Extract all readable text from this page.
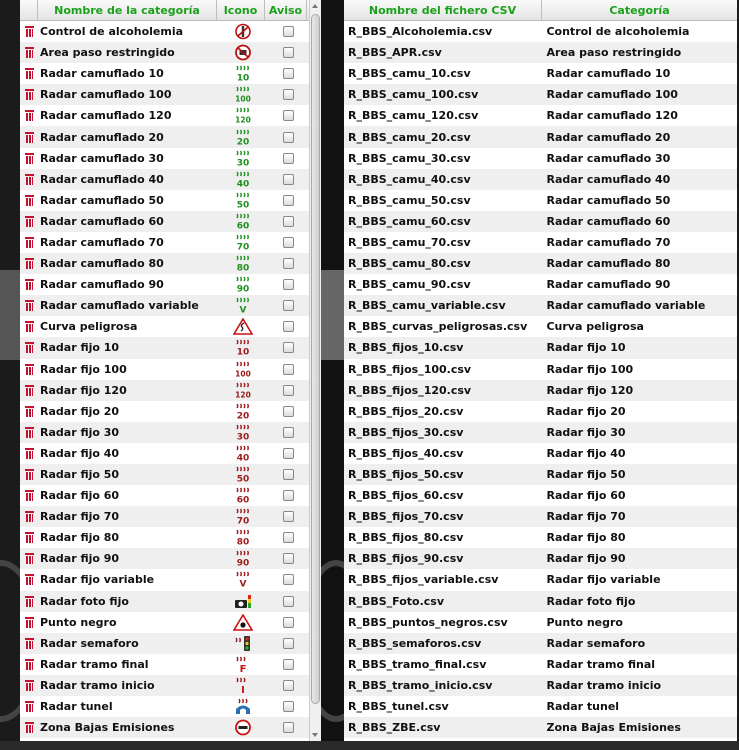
Nombre de la categoría	Icono	Aviso
Control de alcoholemia
Area paso restringido
Radar camuflado 10	10
Radar camuflado 100	100
Radar camuflado 120	120
Radar camuflado 20	20
Radar camuflado 30	30
Radar camuflado 40	40
Radar camuflado 50	50
Radar camuflado 60	60
Radar camuflado 70	70
Radar camuflado 80	80
Radar camuflado 90	90
Radar camuflado variable	V
Curva peligrosa
Radar fijo 10	10
Radar fijo 100	100
Radar fijo 120	120
Radar fijo 20	20
Radar fijo 30	30
Radar fijo 40	40
Radar fijo 50	50
Radar fijo 60	60
Radar fijo 70	70
Radar fijo 80	80
Radar fijo 90	90
Radar fijo variable	V
Radar foto fijo
Punto negro
Radar semaforo
Radar tramo final	F
Radar tramo inicio	I
Radar tunel
Zona Bajas Emisiones
Nombre del fichero CSV	Categoría
R_BBS_Alcoholemia.csv	Control de alcoholemia
R_BBS_APR.csv	Area paso restringido
R_BBS_camu_10.csv	Radar camuflado 10
R_BBS_camu_100.csv	Radar camuflado 100
R_BBS_camu_120.csv	Radar camuflado 120
R_BBS_camu_20.csv	Radar camuflado 20
R_BBS_camu_30.csv	Radar camuflado 30
R_BBS_camu_40.csv	Radar camuflado 40
R_BBS_camu_50.csv	Radar camuflado 50
R_BBS_camu_60.csv	Radar camuflado 60
R_BBS_camu_70.csv	Radar camuflado 70
R_BBS_camu_80.csv	Radar camuflado 80
R_BBS_camu_90.csv	Radar camuflado 90
R_BBS_camu_variable.csv	Radar camuflado variable
R_BBS_curvas_peligrosas.csv	Curva peligrosa
R_BBS_fijos_10.csv	Radar fijo 10
R_BBS_fijos_100.csv	Radar fijo 100
R_BBS_fijos_120.csv	Radar fijo 120
R_BBS_fijos_20.csv	Radar fijo 20
R_BBS_fijos_30.csv	Radar fijo 30
R_BBS_fijos_40.csv	Radar fijo 40
R_BBS_fijos_50.csv	Radar fijo 50
R_BBS_fijos_60.csv	Radar fijo 60
R_BBS_fijos_70.csv	Radar fijo 70
R_BBS_fijos_80.csv	Radar fijo 80
R_BBS_fijos_90.csv	Radar fijo 90
R_BBS_fijos_variable.csv	Radar fijo variable
R_BBS_Foto.csv	Radar foto fijo
R_BBS_puntos_negros.csv	Punto negro
R_BBS_semaforos.csv	Radar semaforo
R_BBS_tramo_final.csv	Radar tramo final
R_BBS_tramo_inicio.csv	Radar tramo inicio
R_BBS_tunel.csv	Radar tunel
R_BBS_ZBE.csv	Zona Bajas Emisiones
